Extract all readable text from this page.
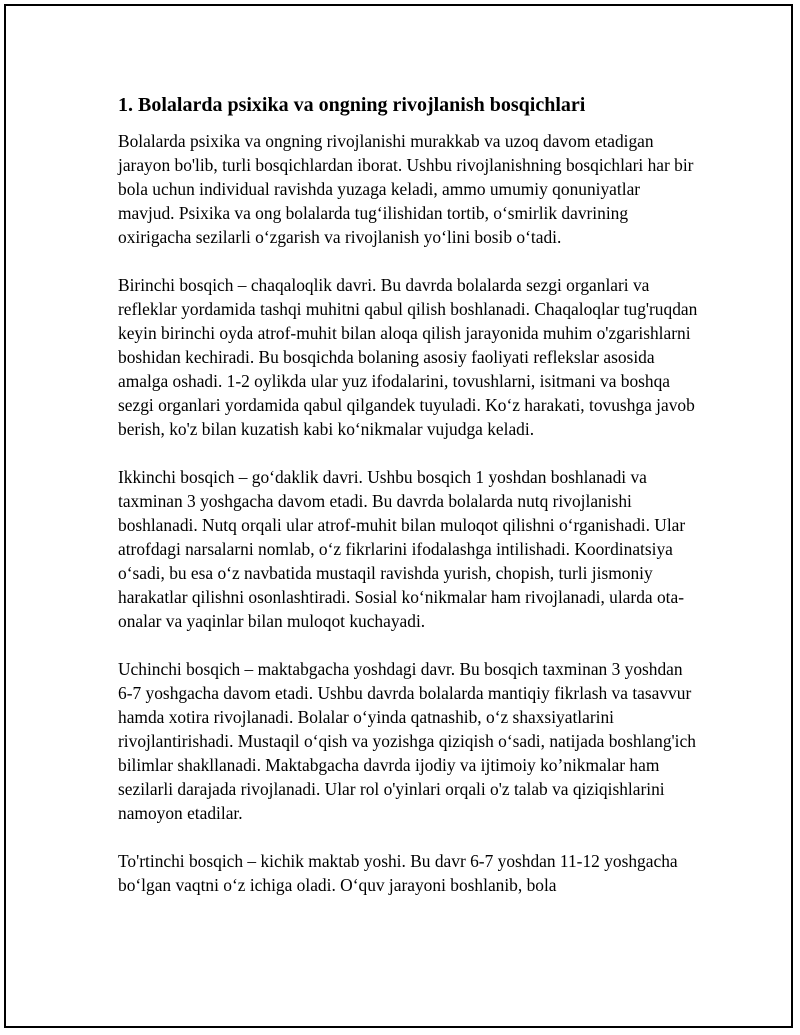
1. Bolalarda psixika va ongning rivojlanish bosqichlari

Bolalarda psixika va ongning rivojlanishi murakkab va uzoq davom etadigan jarayon bo'lib, turli bosqichlardan iborat. Ushbu rivojlanishning bosqichlari har bir bola uchun individual ravishda yuzaga keladi, ammo umumiy qonuniyatlar mavjud. Psixika va ong bolalarda tug‘ilishidan tortib, o‘smirlik davrining oxirigacha sezilarli o‘zgarish va rivojlanish yo‘lini bosib o‘tadi.

Birinchi bosqich – chaqaloqlik davri. Bu davrda bolalarda sezgi organlari va refleklar yordamida tashqi muhitni qabul qilish boshlanadi. Chaqaloqlar tug'ruqdan keyin birinchi oyda atrof-muhit bilan aloqa qilish jarayonida muhim o'zgarishlarni boshidan kechiradi. Bu bosqichda bolaning asosiy faoliyati reflekslar asosida amalga oshadi. 1-2 oylikda ular yuz ifodalarini, tovushlarni, isitmani va boshqa sezgi organlari yordamida qabul qilgandek tuyuladi. Ko‘z harakati, tovushga javob berish, ko'z bilan kuzatish kabi ko‘nikmalar vujudga keladi.

Ikkinchi bosqich – go‘daklik davri. Ushbu bosqich 1 yoshdan boshlanadi va taxminan 3 yoshgacha davom etadi. Bu davrda bolalarda nutq rivojlanishi boshlanadi. Nutq orqali ular atrof-muhit bilan muloqot qilishni o‘rganishadi. Ular atrofdagi narsalarni nomlab, o‘z fikrlarini ifodalashga intilishadi. Koordinatsiya o‘sadi, bu esa o‘z navbatida mustaqil ravishda yurish, chopish, turli jismoniy harakatlar qilishni osonlashtiradi. Sosial ko‘nikmalar ham rivojlanadi, ularda ota-onalar va yaqinlar bilan muloqot kuchayadi.

Uchinchi bosqich – maktabgacha yoshdagi davr. Bu bosqich taxminan 3 yoshdan 6-7 yoshgacha davom etadi. Ushbu davrda bolalarda mantiqiy fikrlash va tasavvur hamda xotira rivojlanadi. Bolalar o‘yinda qatnashib, o‘z shaxsiyatlarini rivojlantirishadi. Mustaqil o‘qish va yozishga qiziqish o‘sadi, natijada boshlang'ich bilimlar shakllanadi. Maktabgacha davrda ijodiy va ijtimoiy ko’nikmalar ham sezilarli darajada rivojlanadi. Ular rol o'yinlari orqali o'z talab va qiziqishlarini namoyon etadilar.

To'rtinchi bosqich – kichik maktab yoshi. Bu davr 6-7 yoshdan 11-12 yoshgacha bo‘lgan vaqtni o‘z ichiga oladi. O‘quv jarayoni boshlanib, bola
